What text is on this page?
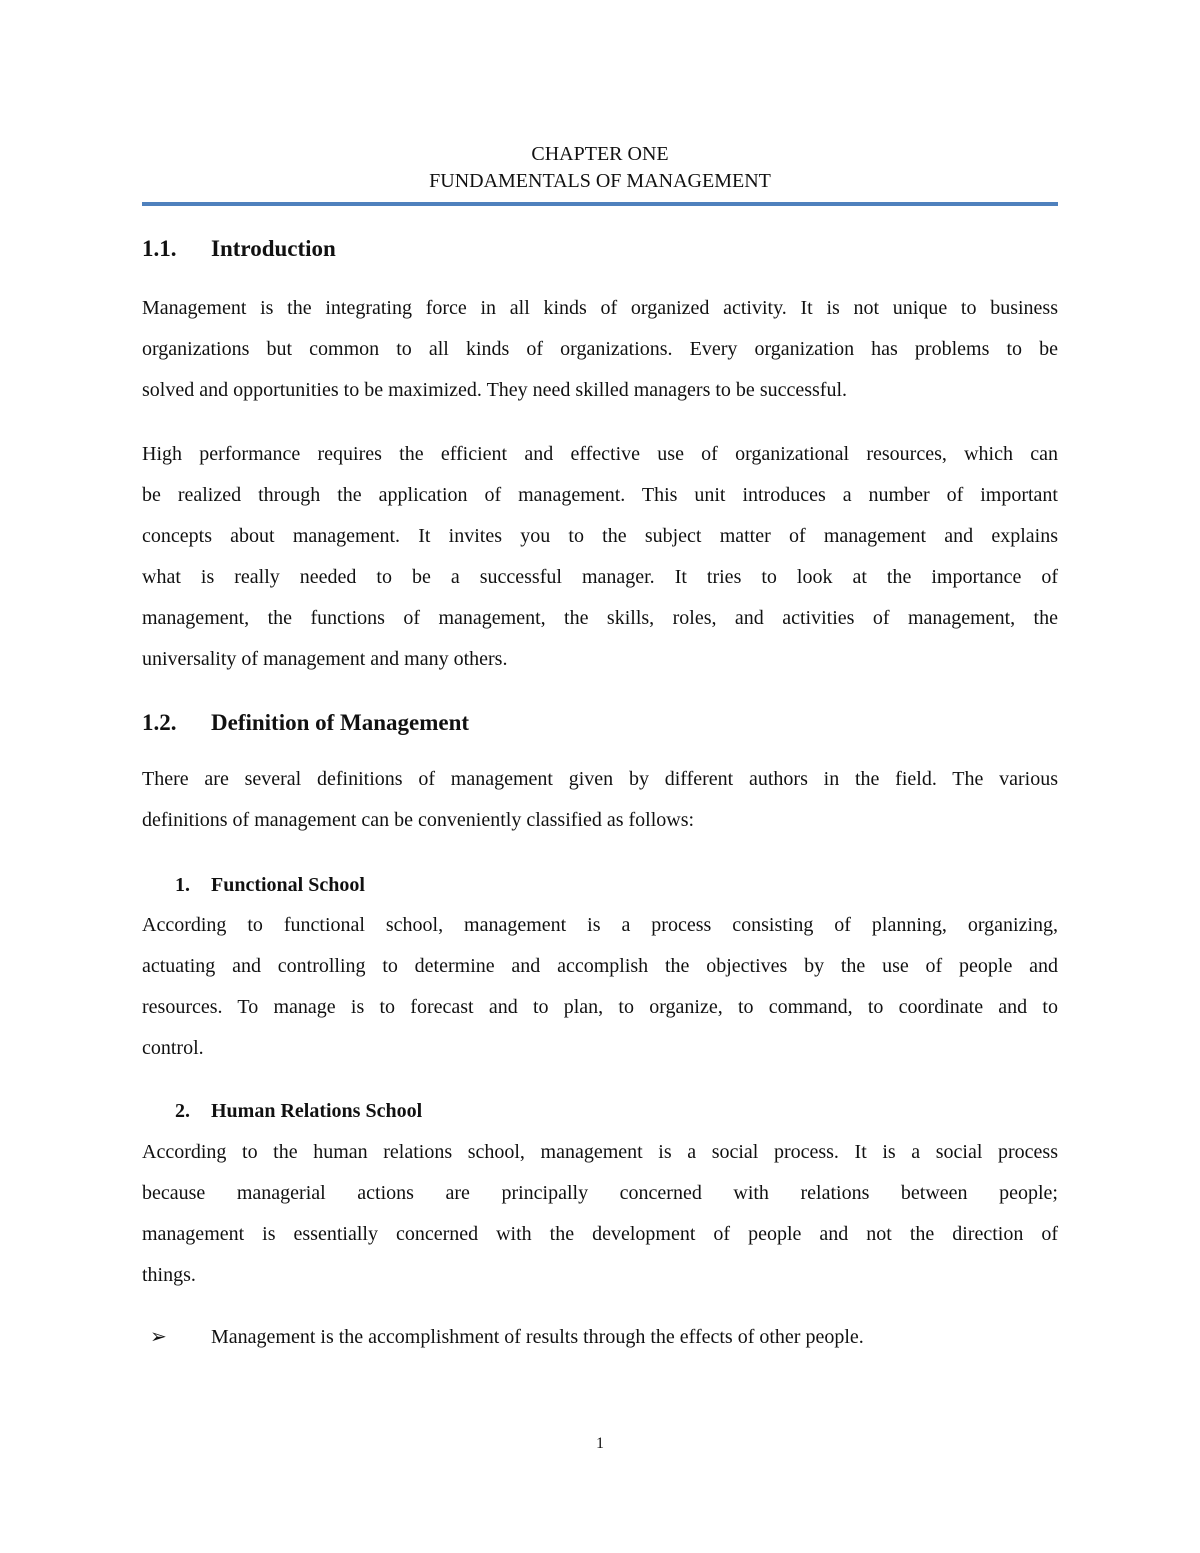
CHAPTER ONE
FUNDAMENTALS OF MANAGEMENT
1.1. Introduction
Management is the integrating force in all kinds of organized activity. It is not unique to business
organizations but common to all kinds of organizations. Every organization has problems to be
solved and opportunities to be maximized. They need skilled managers to be successful.
High performance requires the efficient and effective use of organizational resources, which can
be realized through the application of management. This unit introduces a number of important
concepts about management. It invites you to the subject matter of management and explains
what is really needed to be a successful manager. It tries to look at the importance of
management, the functions of management, the skills, roles, and activities of management, the
universality of management and many others.
1.2. Definition of Management
There are several definitions of management given by different authors in the field. The various
definitions of management can be conveniently classified as follows:
1. Functional School
According to functional school, management is a process consisting of planning, organizing,
actuating and controlling to determine and accomplish the objectives by the use of people and
resources. To manage is to forecast and to plan, to organize, to command, to coordinate and to
control.
2. Human Relations School
According to the human relations school, management is a social process. It is a social process
because managerial actions are principally concerned with relations between people;
management is essentially concerned with the development of people and not the direction of
things.
➢ Management is the accomplishment of results through the effects of other people.
1
